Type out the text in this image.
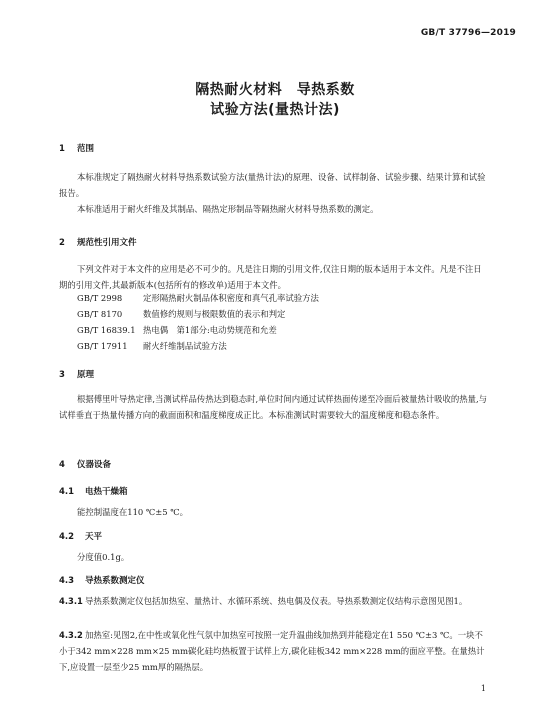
GB/T 37796—2019
隔热耐火材料　导热系数
试验方法(量热计法)
1 范围
本标准规定了隔热耐火材料导热系数试验方法(量热计法)的原理、设备、试样制备、试验步骤、结果计算和试验报告。
本标准适用于耐火纤维及其制品、隔热定形制品等隔热耐火材料导热系数的测定。
2 规范性引用文件
下列文件对于本文件的应用是必不可少的。凡是注日期的引用文件,仅注日期的版本适用于本文件。凡是不注日期的引用文件,其最新版本(包括所有的修改单)适用于本文件。
GB/T 2998 定形隔热耐火制品体积密度和真气孔率试验方法
GB/T 8170 数值修约规则与极限数值的表示和判定
GB/T 16839.1 热电偶　第1部分:电动势规范和允差
GB/T 17911 耐火纤维制品试验方法
3 原理
根据傅里叶导热定律,当测试样品传热达到稳态时,单位时间内通过试样热面传递至冷面后被量热计吸收的热量,与试样垂直于热量传播方向的截面面积和温度梯度成正比。本标准测试时需要较大的温度梯度和稳态条件。
4 仪器设备
4.1 电热干燥箱
能控制温度在110 ℃±5 ℃。
4.2 天平
分度值0.1g。
4.3 导热系数测定仪
4.3.1 导热系数测定仪包括加热室、量热计、水循环系统、热电偶及仪表。导热系数测定仪结构示意图见图1。
4.3.2 加热室:见图2,在中性或氧化性气氛中加热室可按照一定升温曲线加热到并能稳定在1 550 ℃±3 ℃。一块不小于342 mm×228 mm×25 mm碳化硅均热板置于试样上方,碳化硅板342 mm×228 mm的面应平整。在量热计下,应设置一层至少25 mm厚的隔热层。
1
